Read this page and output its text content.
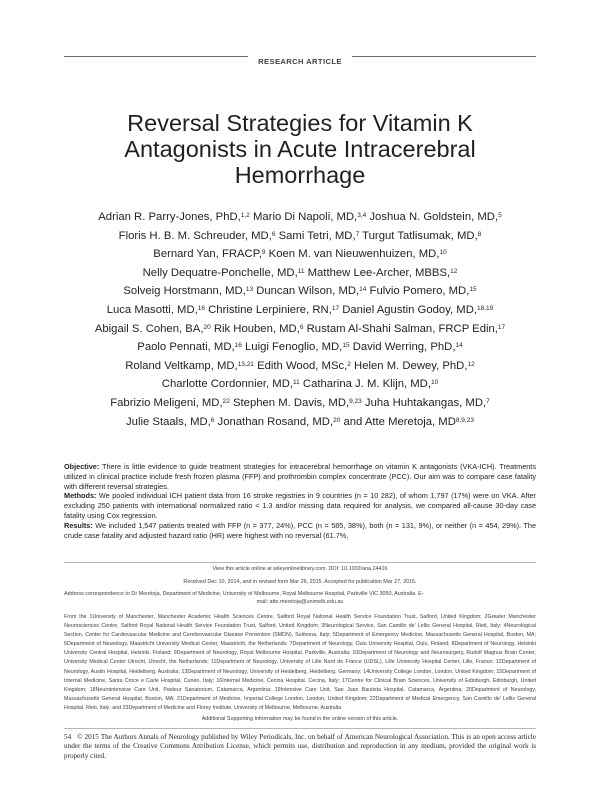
RESEARCH ARTICLE
Reversal Strategies for Vitamin K
Antagonists in Acute Intracerebral
Hemorrhage
Adrian R. Parry-Jones, PhD,$^{1,2}$ Mario Di Napoli, MD,$^{3,4}$ Joshua N. Goldstein, MD,$^5$
Floris H. B. M. Schreuder, MD,$^6$ Sami Tetri, MD,$^7$ Turgut Tatlisumak, MD,$^8$
Bernard Yan, FRACP,$^9$ Koen M. van Nieuwenhuizen, MD,$^{10}$
Nelly Dequatre-Ponchelle, MD,$^{11}$ Matthew Lee-Archer, MBBS,$^{12}$
Solveig Horstmann, MD,$^{13}$ Duncan Wilson, MD,$^{14}$ Fulvio Pomero, MD,$^{15}$
Luca Masotti, MD,$^{16}$ Christine Lerpiniere, RN,$^{17}$ Daniel Agustin Godoy, MD,$^{18,19}$
Abigail S. Cohen, BA,$^{20}$ Rik Houben, MD,$^6$ Rustam Al-Shahi Salman, FRCP Edin,$^{17}$
Paolo Pennati, MD,$^{16}$ Luigi Fenoglio, MD,$^{15}$ David Werring, PhD,$^{14}$
Roland Veltkamp, MD,$^{13,21}$ Edith Wood, MSc,$^2$ Helen M. Dewey, PhD,$^{12}$
Charlotte Cordonnier, MD,$^{11}$ Catharina J. M. Klijn, MD,$^{10}$
Fabrizio Meligeni, MD,$^{22}$ Stephen M. Davis, MD,$^{9,23}$ Juha Huhtakangas, MD,$^7$
Julie Staals, MD,$^6$ Jonathan Rosand, MD,$^{20}$ and Atte Meretoja, MD$^{8,9,23}$

Objective: There is little evidence to guide treatment strategies for intracerebral hemorrhage on vitamin K antagonists (VKA-ICH). Treatments utilized in clinical practice include fresh frozen plasma (FFP) and prothrombin complex concentrate (PCC). Our aim was to compare case fatality with different reversal strategies.

Methods: We pooled individual ICH patient data from 16 stroke registries in 9 countries (n = 10 282), of whom 1,797 (17%) were on VKA. After excluding 250 patients with international normalized ratio < 1.3 and/or missing data required for analysis, we compared all-cause 30-day case fatality using Cox regression.

Results: We included 1,547 patients treated with FFP (n = 377, 24%), PCC (n = 585, 38%), both (n = 131, 9%), or neither (n = 454, 29%). The crude case fatality and adjusted hazard ratio (HR) were highest with no reversal (61.7%,

View this article online at wileyonlinelibrary.com. DOI: 10.1002/ana.24416
Received Dec 10, 2014, and in revised form Mar 26, 2015. Accepted for publication Mar 27, 2015.
Address correspondence to Dr Meretoja, Department of Medicine, University of Melbourne, Royal Melbourne Hospital, Parkville VIC 3050, Australia. E-
mail: atte.meretoja@unimelb.edu.au

From the 1University of Manchester, Manchester Academic Health Sciences Centre, Salford Royal National Health Service Foundation Trust, Salford, United Kingdom; 2Greater Manchester Neurosciences Centre, Salford Royal National Health Service Foundation Trust, Salford, United Kingdom; 3Neurological Service, San Camillo de' Lellis General Hospital, Rieti, Italy; 4Neurological Section, Center for Cardiovascular Medicine and Cerebrovascular Disease Prevention (SMDN), Sulmona, Italy; 5Department of Emergency Medicine, Massachusetts General Hospital, Boston, MA; 6Department of Neurology, Maastricht University Medical Center, Maastricht, the Netherlands; 7Department of Neurology, Oulu University Hospital, Oulu, Finland; 8Department of Neurology, Helsinki University Central Hospital, Helsinki, Finland; 9Department of Neurology, Royal Melbourne Hospital, Parkville, Australia; 10Department of Neurology and Neurosurgery, Rudolf Magnus Brain Center, University Medical Center Utrecht, Utrecht, the Netherlands; 11Department of Neurology, University of Lille Nord de France (UDSL), Lille University Hospital Center, Lille, France; 12Department of Neurology, Austin Hospital, Heidelberg, Australia; 13Department of Neurology, University of Heidelberg, Heidelberg, Germany; 14University College London, London, United Kingdom; 15Department of Internal Medicine, Santa Croce e Carle Hospital, Cuneo, Italy; 16Internal Medicine, Cecina Hospital, Cecina, Italy; 17Centre for Clinical Brain Sciences, University of Edinburgh, Edinburgh, United Kingdom; 18Neurointensive Care Unit, Pasteur Sanatorium, Catamarca, Argentina; 19Intensive Care Unit, San Juan Bautista Hospital, Catamarca, Argentina; 20Department of Neurology, Massachusetts General Hospital, Boston, MA; 21Department of Medicine, Imperial College London, London, United Kingdom; 22Department of Medical Emergency, San Camillo de' Lellis General Hospital, Rieti, Italy; and 23Department of Medicine and Florey Institute, University of Melbourne, Melbourne, Australia

Additional Supporting Information may be found in the online version of this article.

54 © 2015 The Authors Annals of Neurology published by Wiley Periodicals, Inc. on behalf of American Neurological Association. This is an open access article under the terms of the Creative Commons Attribution License, which permits use, distribution and reproduction in any medium, provided the original work is properly cited.
